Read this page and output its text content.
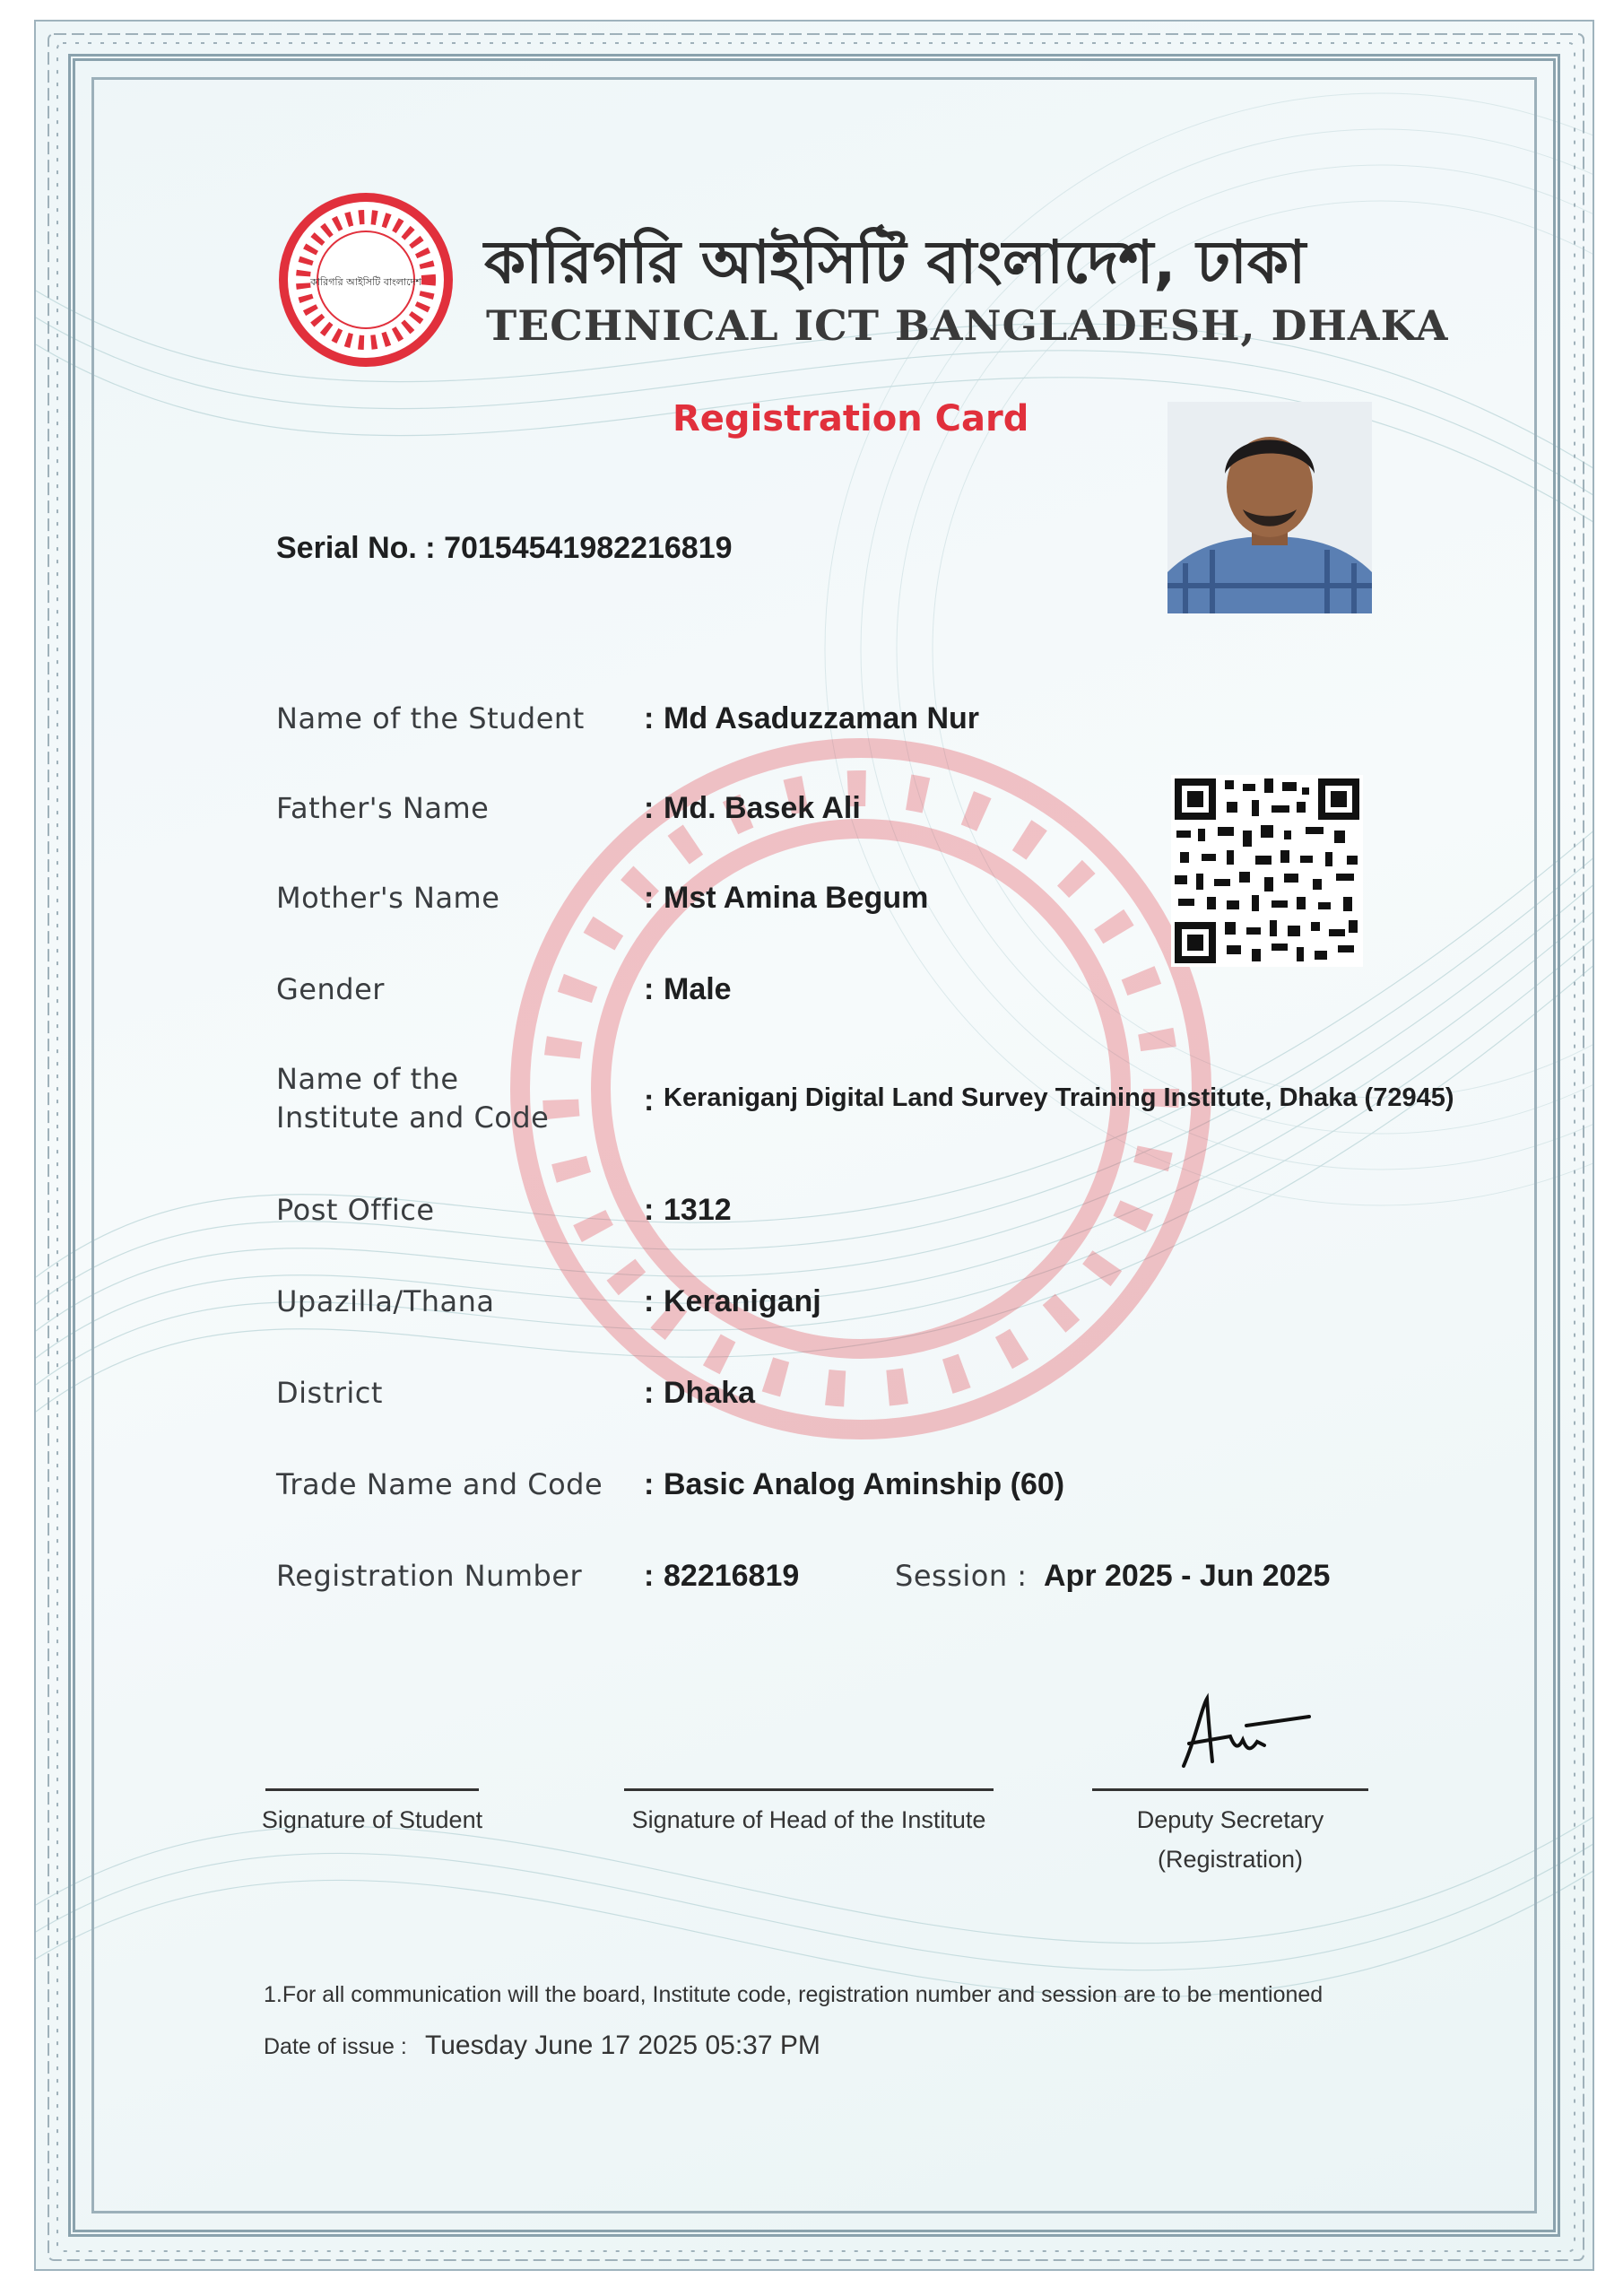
কারিগরি আইসিটি বাংলাদেশ কারিগরি আইসিটি বাংলাদেশ, ঢাকা
TECHNICAL ICT BANGLADESH, DHAKA
Registration Card
Serial No. : 70154541982216819
Name of the Student : Md Asaduzzaman Nur
Father's Name	: Md. Basek Ali
Mother's Name	: Mst Amina Begum
Gender	: Male
Name of the
Institute and Code	: Keraniganj Digital Land Survey Training Institute, Dhaka (72945)
Post Office	: 1312
Upazilla/Thana	: Keraniganj
District	: Dhaka
Trade Name and Code : Basic Analog Aminship (60)
Registration Number : 82216819	Session : Apr 2025 - Jun 2025
Signature of Student	Signature of Head of the Institute	Deputy Secretary
(Registration)
1.For all communication will the board, Institute code, registration number and session are to be mentioned
Date of issue : Tuesday June 17 2025 05:37 PM
